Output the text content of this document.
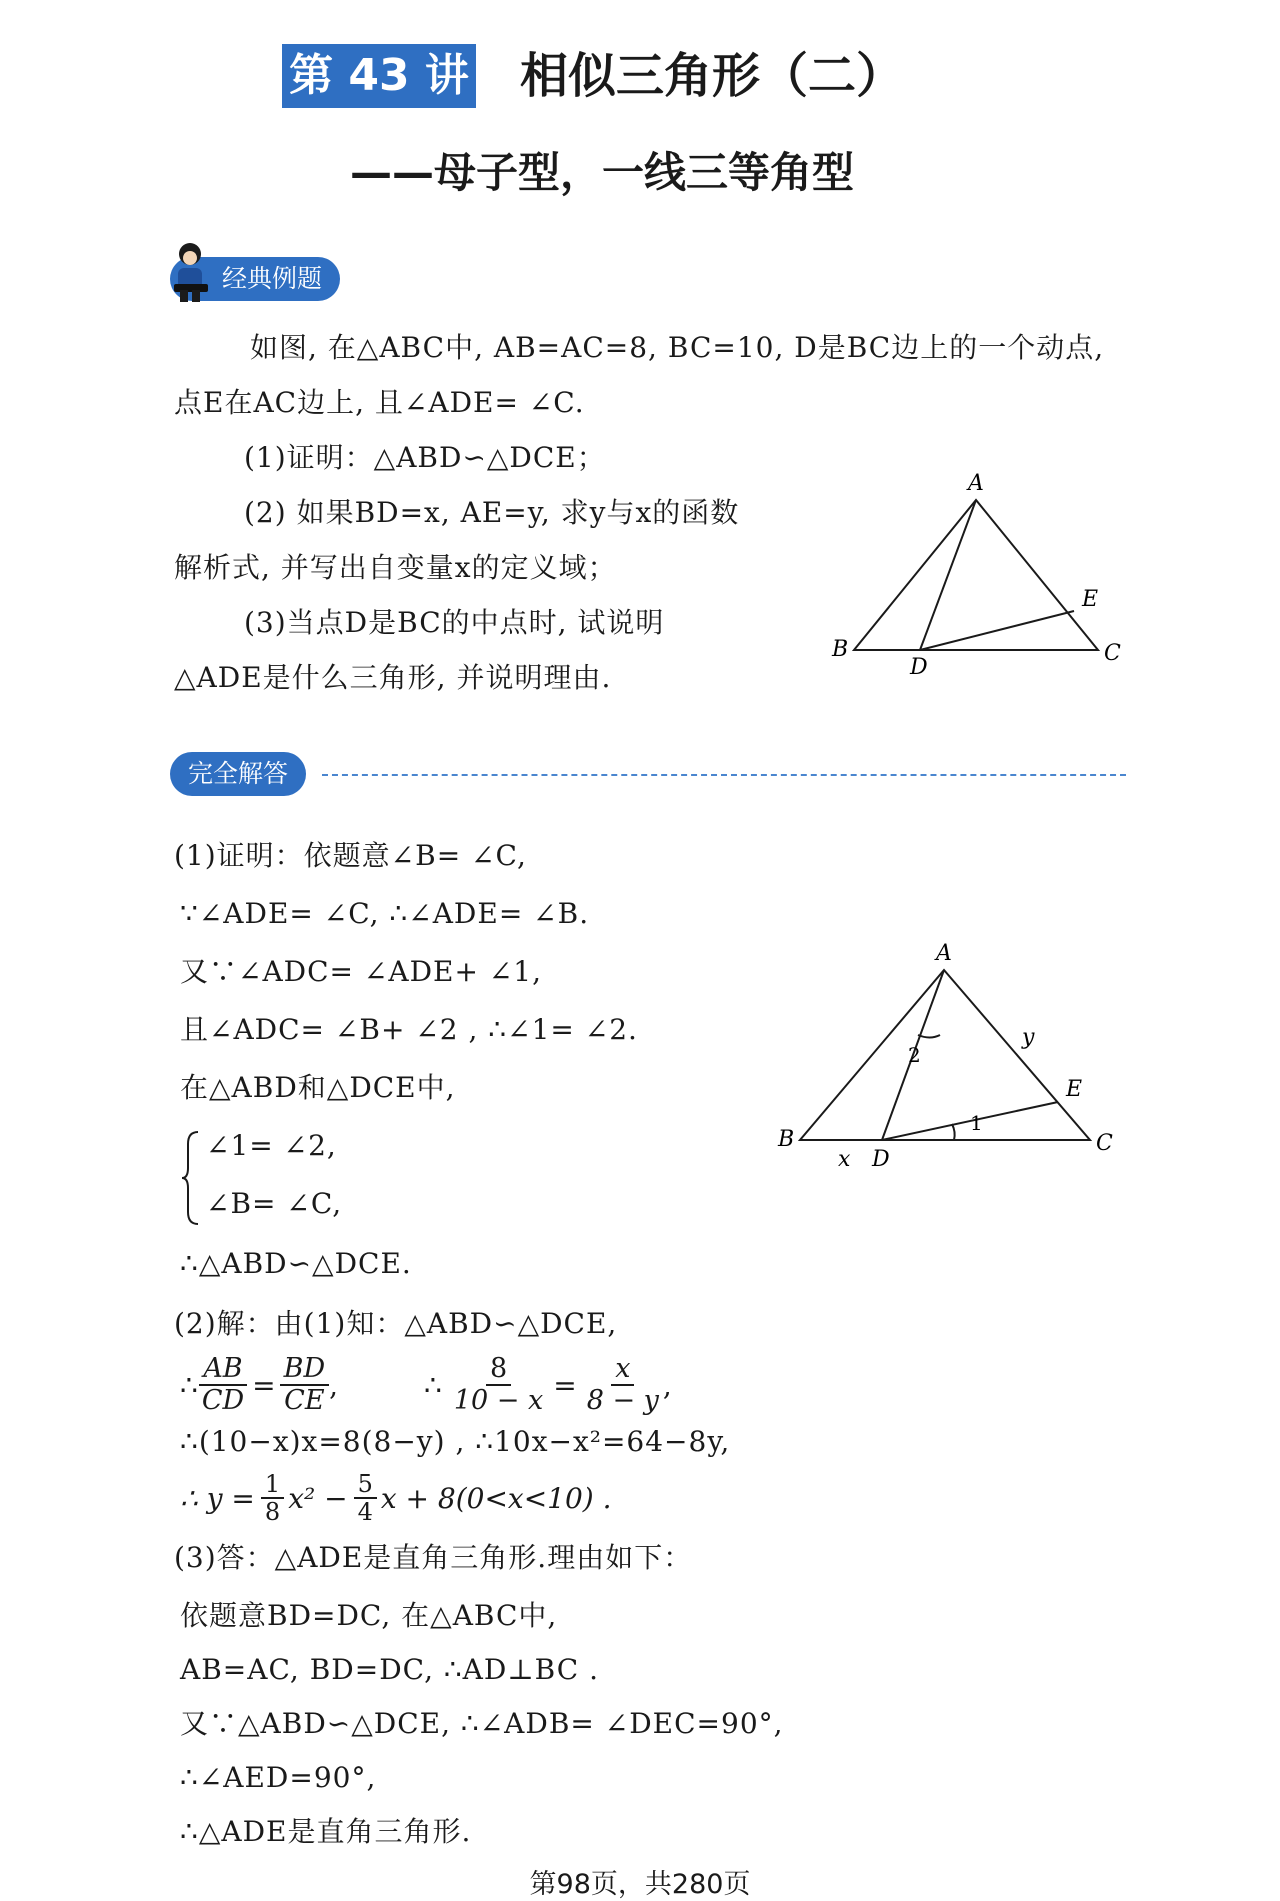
第 43 讲 相似三角形（二）
——母子型，一线三等角型
经典例题
如图, 在△ABC中, AB=AC=8, BC=10, D是BC边上的一个动点,
点E在AC边上, 且∠ADE= ∠C.
(1)证明：△ABD∽△DCE；
(2) 如果BD=x, AE=y, 求y与x的函数
解析式, 并写出自变量x的定义域；
(3)当点D是BC的中点时, 试说明
△ADE是什么三角形, 并说明理由.
A
B	C
D
E
完全解答
(1)证明：依题意∠B= ∠C,
∵∠ADE= ∠C, ∴∠ADE= ∠B.
又∵∠ADC= ∠ADE+ ∠1,
且∠ADC= ∠B+ ∠2 , ∴∠1= ∠2.
在△ABD和△DCE中,
∠1= ∠2,
∠B= ∠C,
∴△ABD∽△DCE.
(2)解：由(1)知：△ABD∽△DCE,
∴ $\frac{AB}{CD} = \frac{BD}{CE}$ ,	∴ $\frac{8}{10 - x} = \frac{x}{8 - y}$ ,
∴(10−x)x=8(8−y) , ∴10x−x²=64−8y,
∴ $y = \frac{1}{8} x^2 - \frac{5}{4}$ x + 8(0<x<10) .
(3)答：△ADE是直角三角形.理由如下：
依题意BD=DC, 在△ABC中,
AB=AC, BD=DC, ∴AD⊥BC .
又∵△ABD∽△DCE, ∴∠ADB= ∠DEC=90°,
∴∠AED=90°,
∴△ADE是直角三角形.
A
B	C
D
E
x
y
1
2
第98页，共280页
